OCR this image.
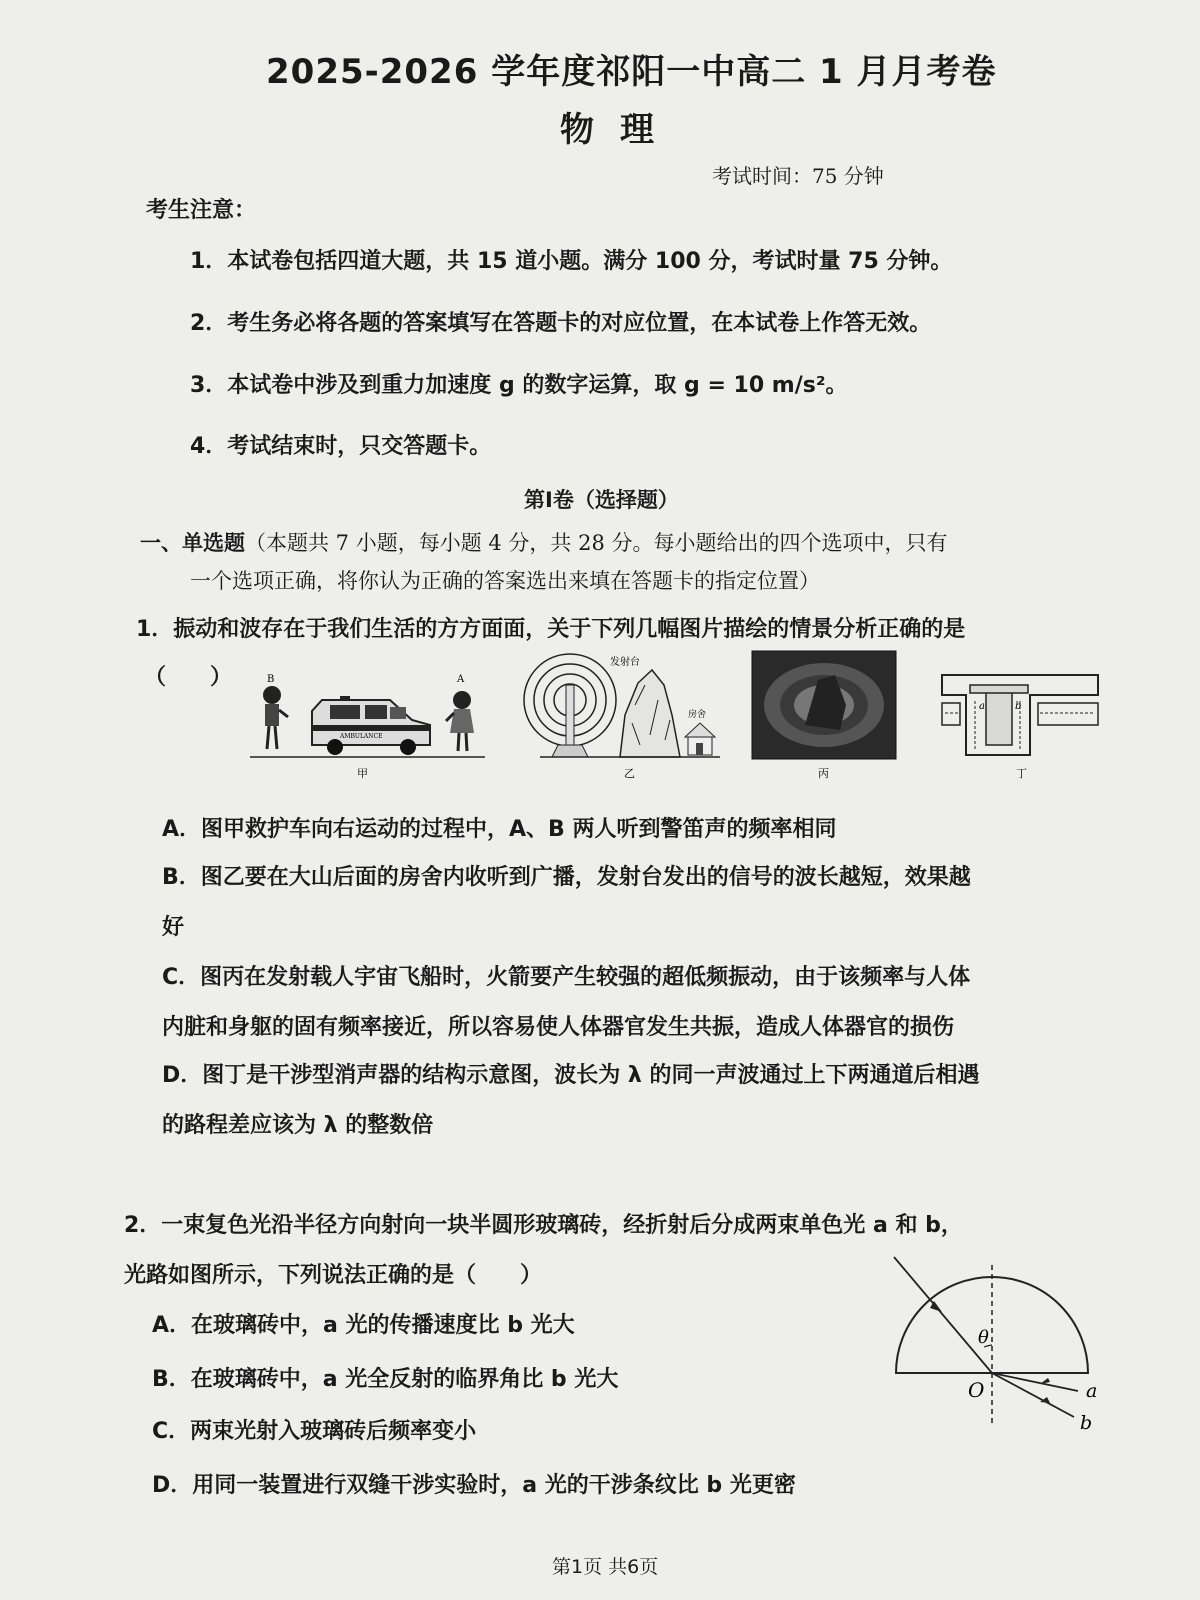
2025-2026 学年度祁阳一中高二 1 月月考卷
物理
考试时间：75 分钟
考生注意：
1．本试卷包括四道大题，共 15 道小题。满分 100 分，考试时量 75 分钟。
2．考生务必将各题的答案填写在答题卡的对应位置，在本试卷上作答无效。
3．本试卷中涉及到重力加速度 g 的数字运算，取 g = 10 m/s²。
4．考试结束时，只交答题卡。
第Ⅰ卷（选择题）
一、单选题（本题共 7 小题，每小题 4 分，共 28 分。每小题给出的四个选项中，只有
一个选项正确，将你认为正确的答案选出来填在答题卡的指定位置）
1．振动和波存在于我们生活的方方面面，关于下列几幅图片描绘的情景分析正确的是
（　　）	B
AMBULANCE
A
甲
发射台
房舍
乙	丙
a	b
丁
A．图甲救护车向右运动的过程中，A、B 两人听到警笛声的频率相同
B．图乙要在大山后面的房舍内收听到广播，发射台发出的信号的波长越短，效果越
好
C．图丙在发射载人宇宙飞船时，火箭要产生较强的超低频振动，由于该频率与人体
内脏和身躯的固有频率接近，所以容易使人体器官发生共振，造成人体器官的损伤
D．图丁是干涉型消声器的结构示意图，波长为 λ 的同一声波通过上下两通道后相遇
的路程差应该为 λ 的整数倍
2．一束复色光沿半径方向射向一块半圆形玻璃砖，经折射后分成两束单色光 a 和 b，
光路如图所示，下列说法正确的是（　　）
A．在玻璃砖中，a 光的传播速度比 b 光大
B．在玻璃砖中，a 光全反射的临界角比 b 光大
C．两束光射入玻璃砖后频率变小
D．用同一装置进行双缝干涉实验时，a 光的干涉条纹比 b 光更密
θ
O	a
b
第1页 共6页
